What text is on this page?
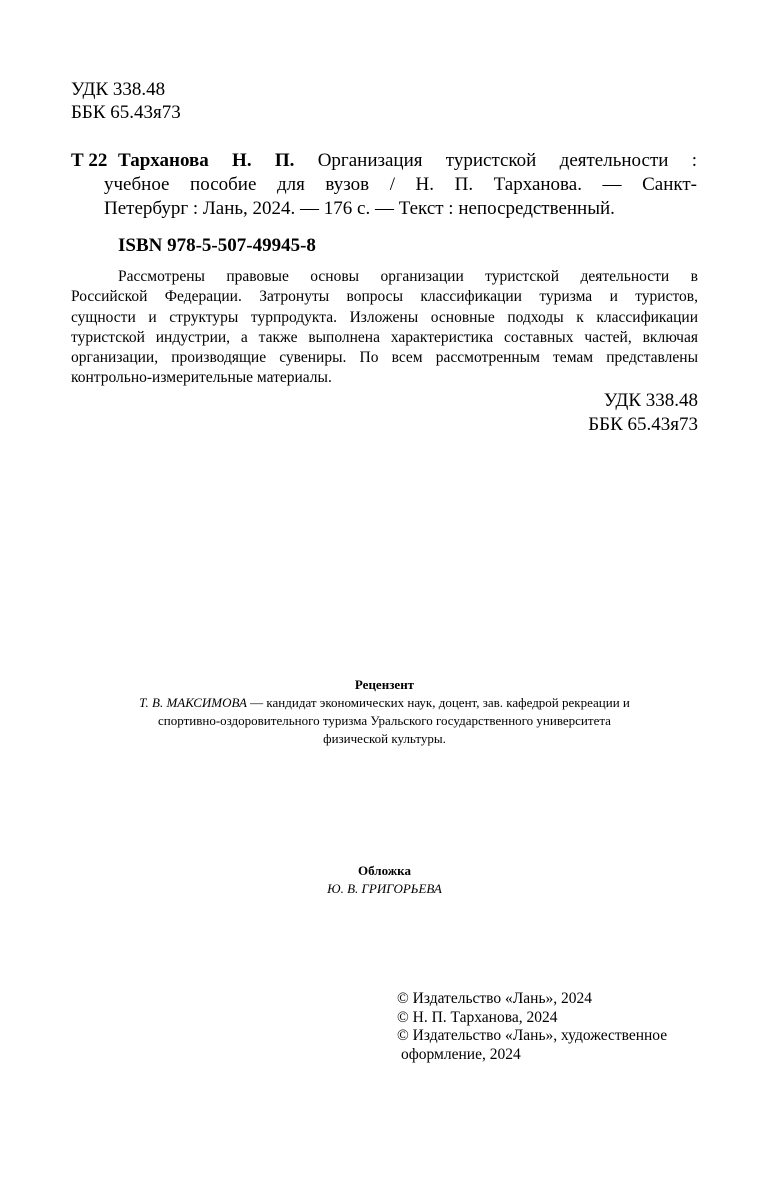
УДК 338.48
ББК 65.43я73
Т 22 Тарханова Н. П. Организация туристской деятельности :
учебное пособие для вузов / Н. П. Тарханова. — Санкт-
Петербург : Лань, 2024. — 176 с. — Текст : непосредственный.
ISBN 978-5-507-49945-8
Рассмотрены правовые основы организации туристской деятельности в
Российской Федерации. Затронуты вопросы классификации туризма и туристов,
сущности и структуры турпродукта. Изложены основные подходы к классификации
туристской индустрии, а также выполнена характеристика составных частей, включая
организации, производящие сувениры. По всем рассмотренным темам представлены
контрольно-измерительные материалы.
УДК 338.48
ББК 65.43я73
Рецензент
Т. В. МАКСИМОВА — кандидат экономических наук, доцент, зав. кафедрой рекреации и
спортивно-оздоровительного туризма Уральского государственного университета
физической культуры.
Обложка
Ю. В. ГРИГОРЬЕВА
© Издательство «Лань», 2024
© Н. П. Тарханова, 2024
© Издательство «Лань», художественное
оформление, 2024
